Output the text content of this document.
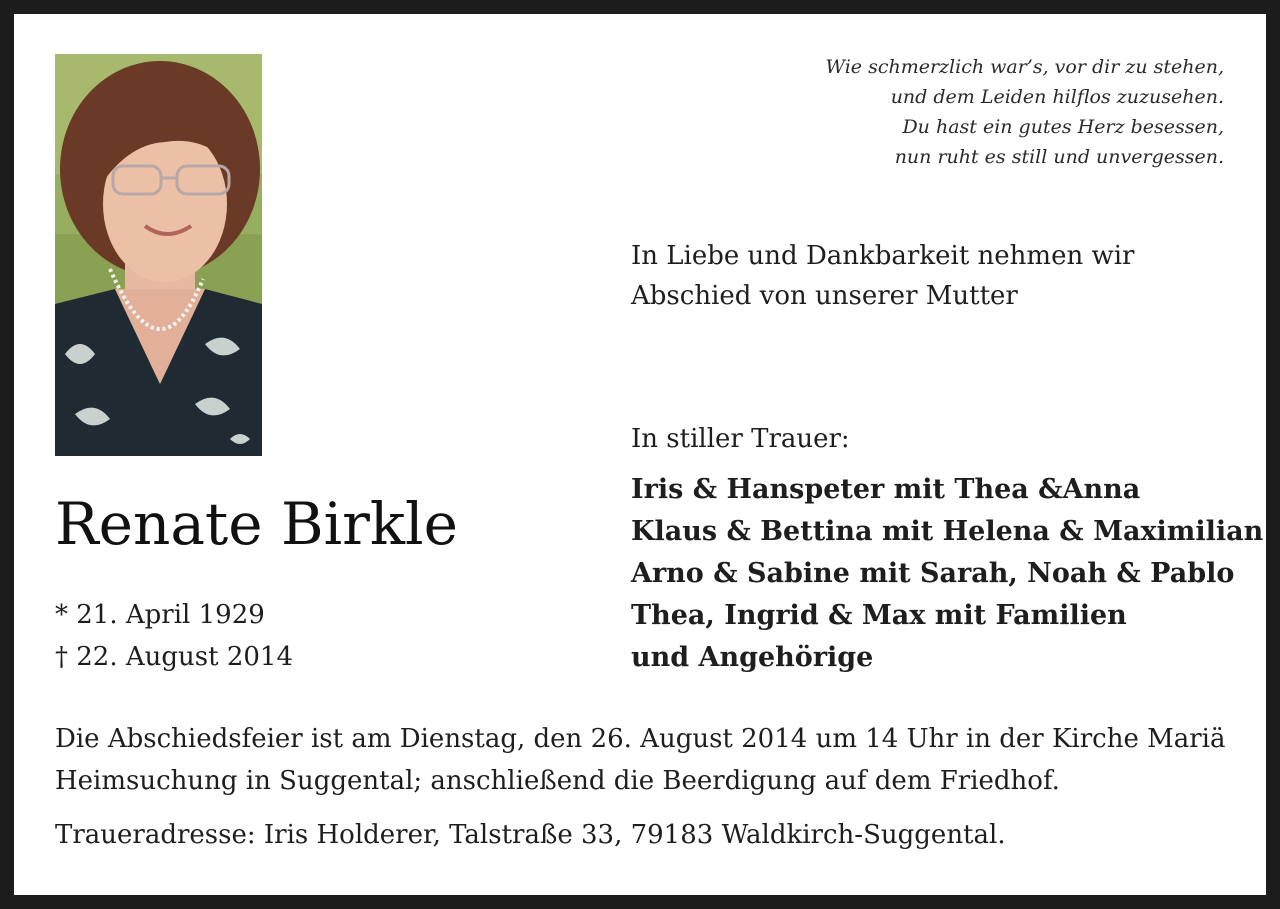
Wie schmerzlich war’s, vor dir zu stehen,
und dem Leiden hilflos zuzusehen.
Du hast ein gutes Herz besessen,
nun ruht es still und unvergessen.
In Liebe und Dankbarkeit nehmen wir
Abschied von unserer Mutter
In stiller Trauer:
Iris & Hanspeter mit Thea &Anna
Klaus & Bettina mit Helena & Maximilian
Arno & Sabine mit Sarah, Noah & Pablo
Thea, Ingrid & Max mit Familien
und Angehörige
Renate Birkle
* 21. April 1929
† 22. August 2014
Die Abschiedsfeier ist am Dienstag, den 26. August 2014 um 14 Uhr in der Kirche Mariä Heimsuchung in Suggental; anschließend die Beerdigung auf dem Friedhof.
Traueradresse: Iris Holderer, Talstraße 33, 79183 Waldkirch-Suggental.
